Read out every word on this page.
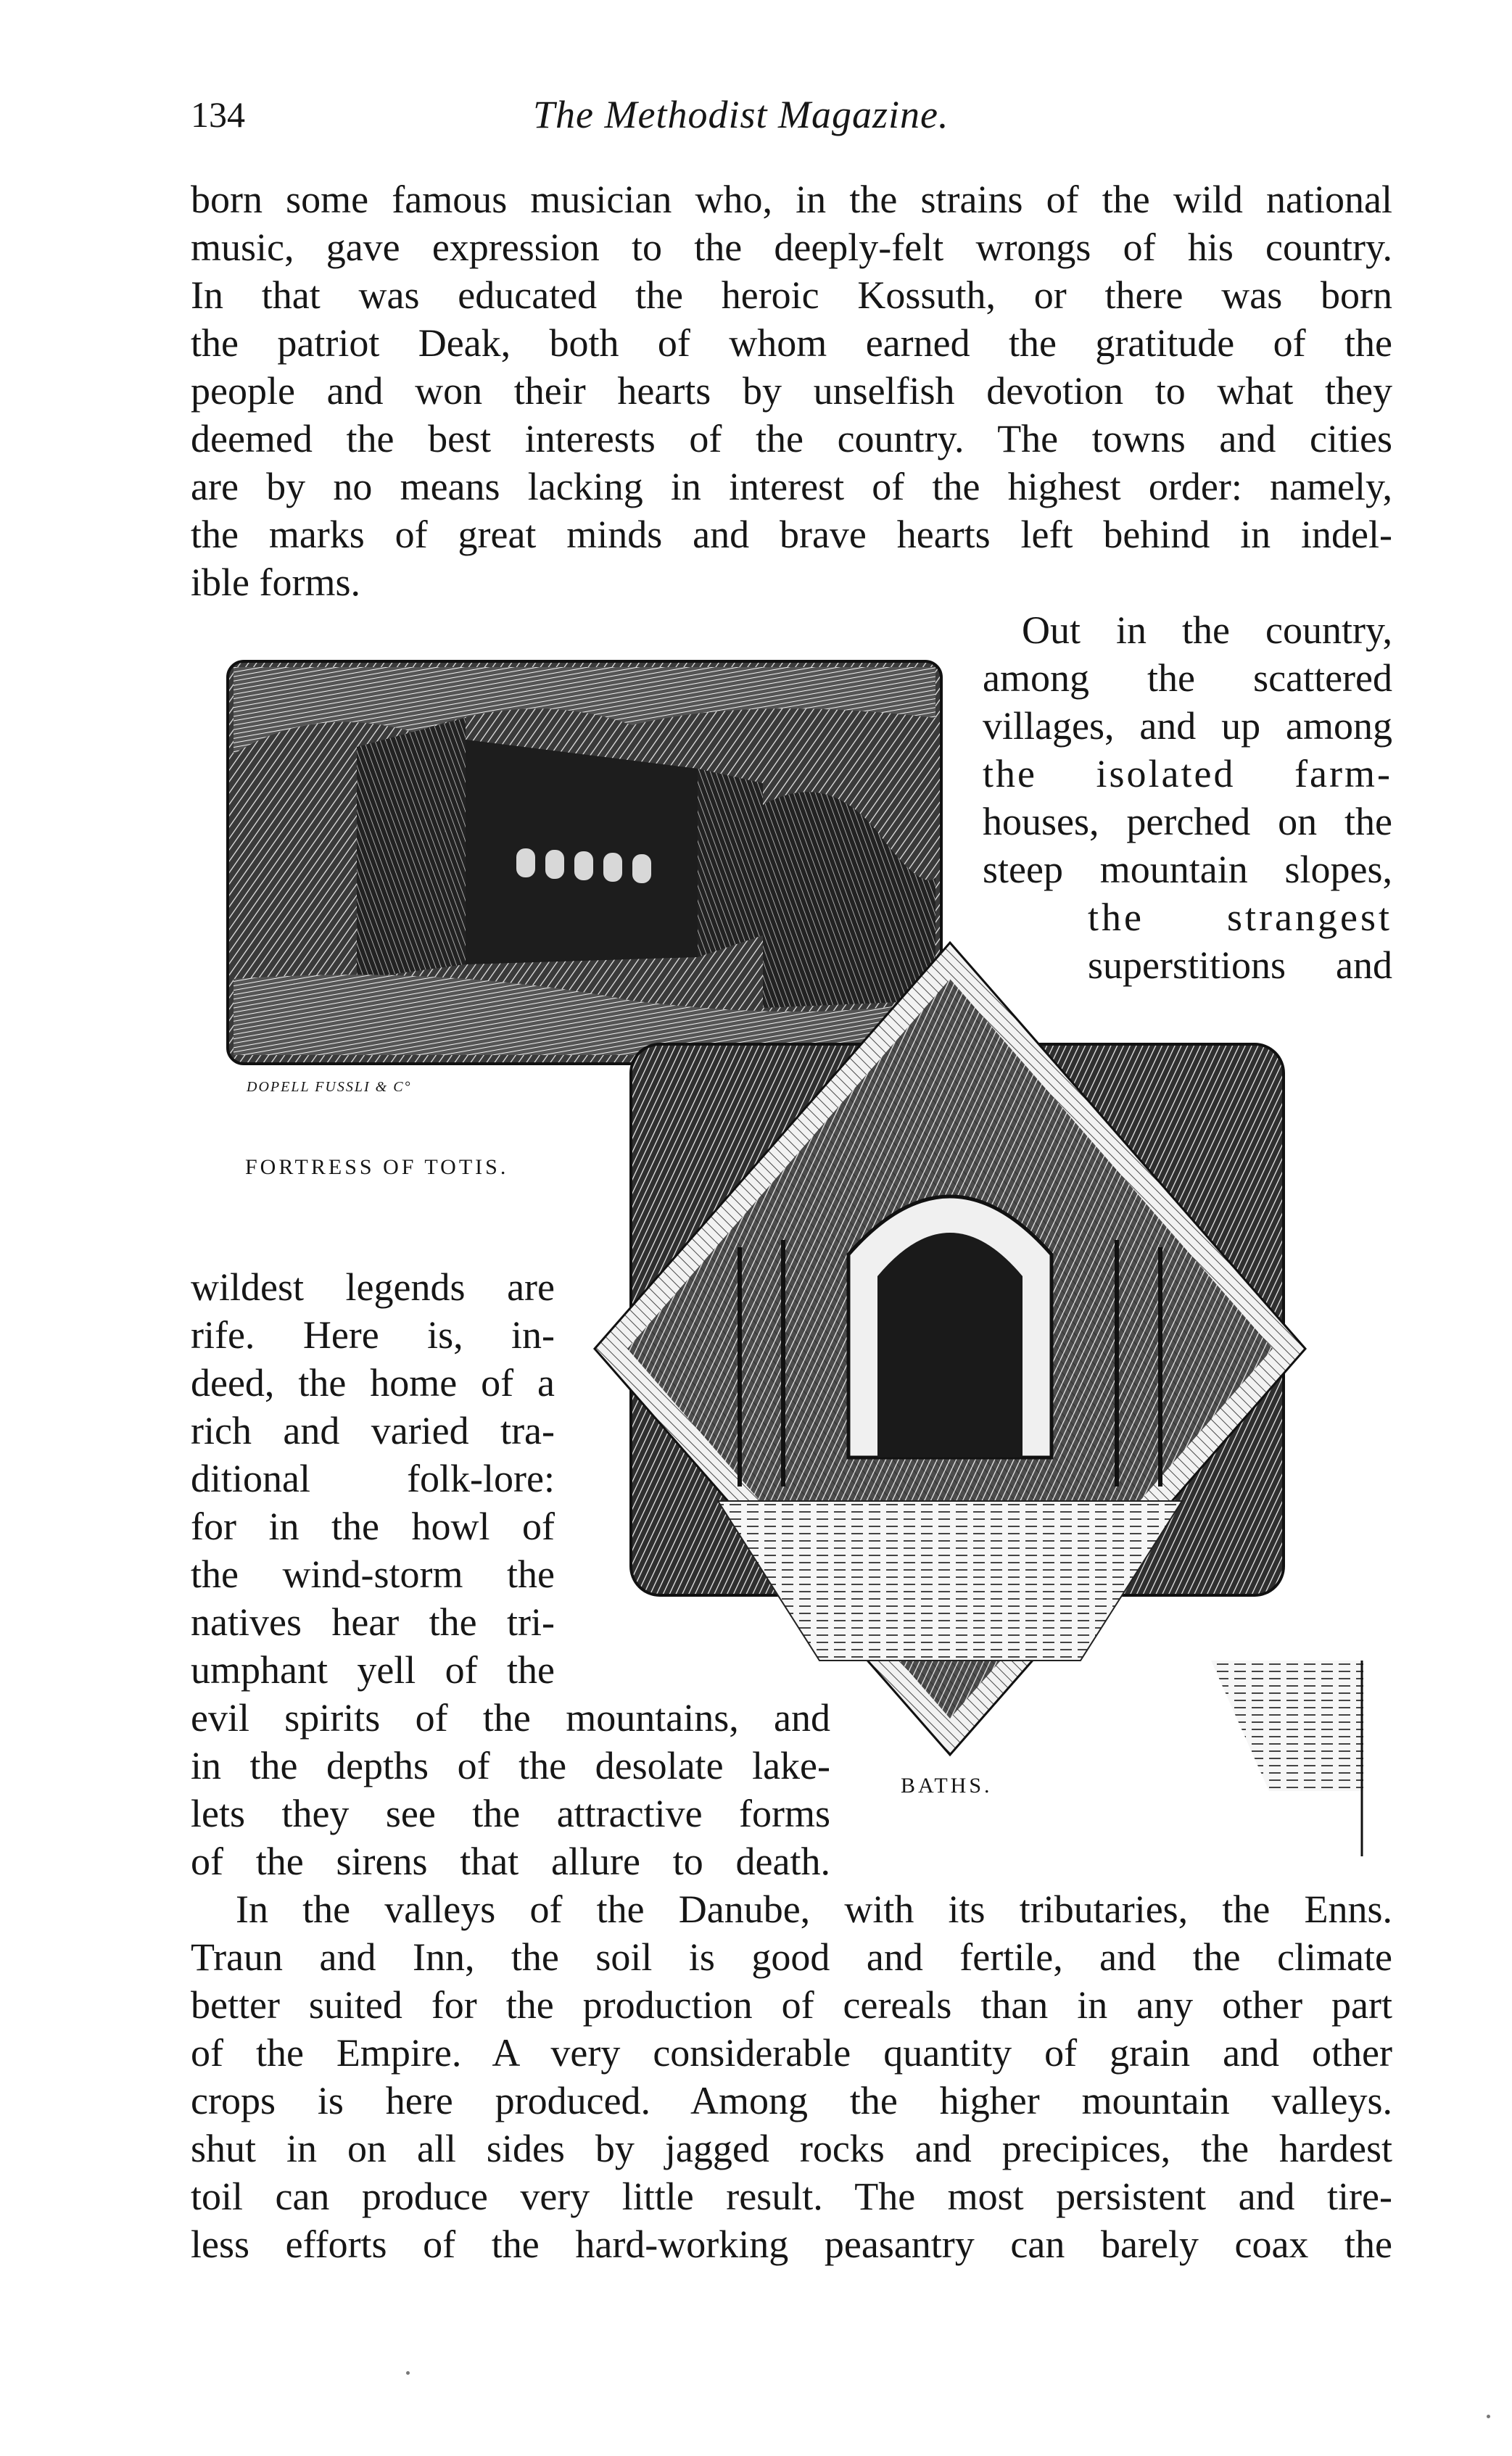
134	The Methodist Magazine.

born some famous musician who, in the strains of the wild national

music, gave expression to the deeply-felt wrongs of his country.

In that was educated the heroic Kossuth, or there was born

the patriot Deak, both of whom earned the gratitude of the

people and won their hearts by unselfish devotion to what they

deemed the best interests of the country. The towns and cities

are by no means lacking in interest of the highest order: namely,

the marks of great minds and brave hearts left behind in indel-

ible forms.

Out in the country,

among the scattered

villages, and up among

the isolated farm-

houses, perched on the

steep mountain slopes,

the strangest

superstitions and

DOPELL FUSSLI & C°
FORTRESS OF TOTIS.
BATHS.

wildest legends are

rife. Here is, in-

deed, the home of a

rich and varied tra-

ditional folk-lore:

for in the howl of

the wind-storm the

natives hear the tri-

umphant yell of the

evil spirits of the mountains, and

in the depths of the desolate lake-

lets they see the attractive forms

of the sirens that allure to death.

In the valleys of the Danube, with its tributaries, the Enns.

Traun and Inn, the soil is good and fertile, and the climate

better suited for the production of cereals than in any other part

of the Empire. A very considerable quantity of grain and other

crops is here produced. Among the higher mountain valleys.

shut in on all sides by jagged rocks and precipices, the hardest

toil can produce very little result. The most persistent and tire-

less efforts of the hard-working peasantry can barely coax the
